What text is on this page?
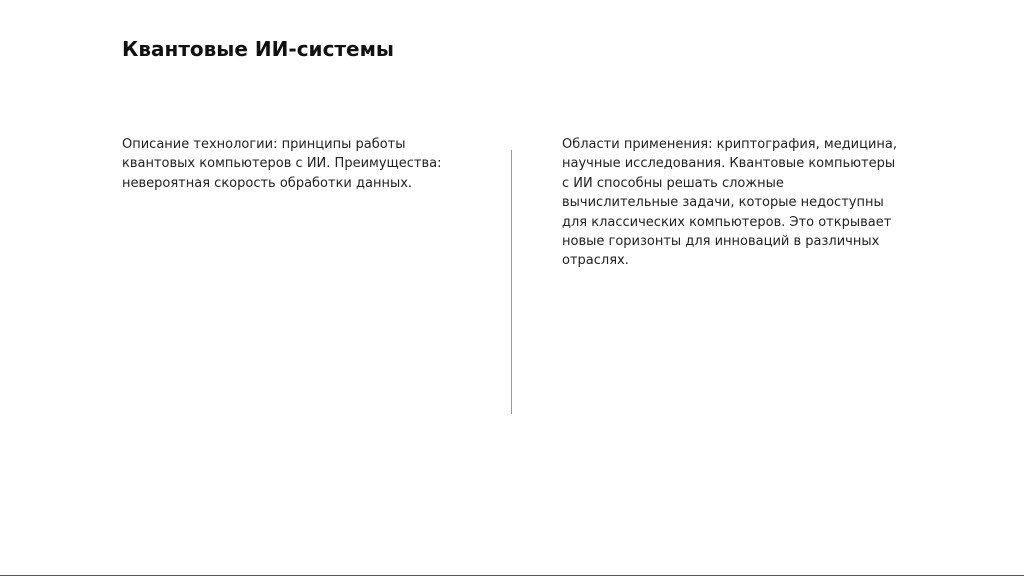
Квантовые ИИ-системы
Описание технологии: принципы работы
квантовых компьютеров с ИИ. Преимущества:
невероятная скорость обработки данных.
Области применения: криптография, медицина,
научные исследования. Квантовые компьютеры
с ИИ способны решать сложные
вычислительные задачи, которые недоступны
для классических компьютеров. Это открывает
новые горизонты для инноваций в различных
отраслях.
